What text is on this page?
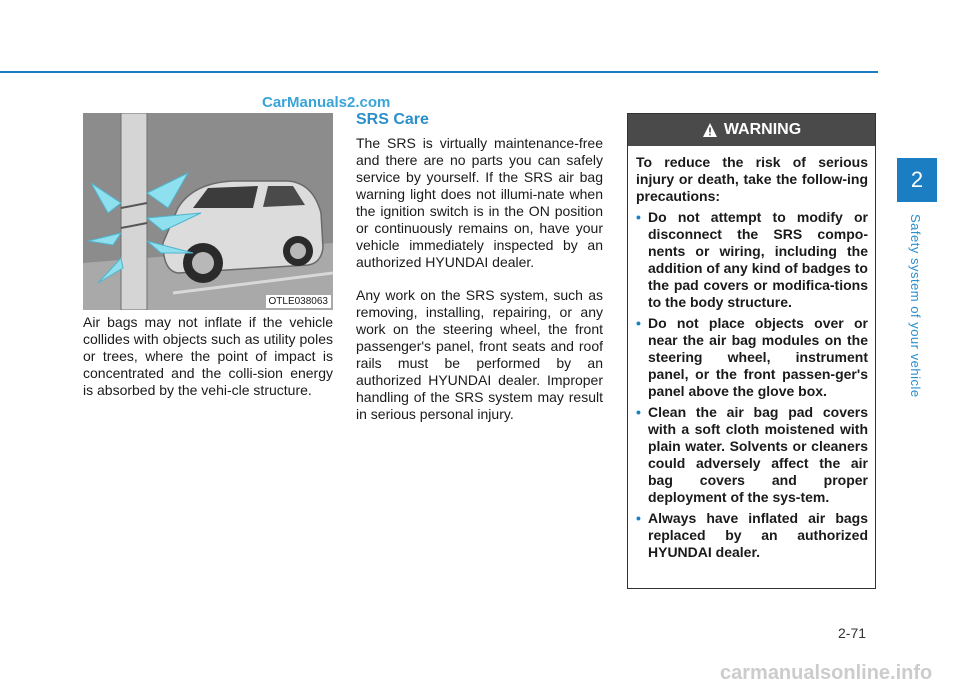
CarManuals2.com
OTLE038063

Air bags may not inflate if the vehicle collides with objects such as utility poles or trees, where the point of impact is concentrated and the colli-sion energy is absorbed by the vehi-cle structure.

SRS Care

The SRS is virtually maintenance-free and there are no parts you can safely service by yourself. If the SRS air bag warning light does not illumi-nate when the ignition switch is in the ON position or continuously remains on, have your vehicle immediately inspected by an authorized HYUNDAI dealer.

Any work on the SRS system, such as removing, installing, repairing, or any work on the steering wheel, the front passenger's panel, front seats and roof rails must be performed by an authorized HYUNDAI dealer. Improper handling of the SRS system may result in serious personal injury.

WARNING

To reduce the risk of serious injury or death, take the follow-ing precautions:

• Do not attempt to modify or disconnect the SRS compo-nents or wiring, including the addition of any kind of badges to the pad covers or modifica-tions to the body structure.
• Do not place objects over or near the air bag modules on the steering wheel, instrument panel, or the front passen-ger's panel above the glove box.
• Clean the air bag pad covers with a soft cloth moistened with plain water. Solvents or cleaners could adversely affect the air bag covers and proper deployment of the sys-tem.
• Always have inflated air bags replaced by an authorized HYUNDAI dealer.
2
Safety system of your vehicle
2-71
carmanualsonline.info
